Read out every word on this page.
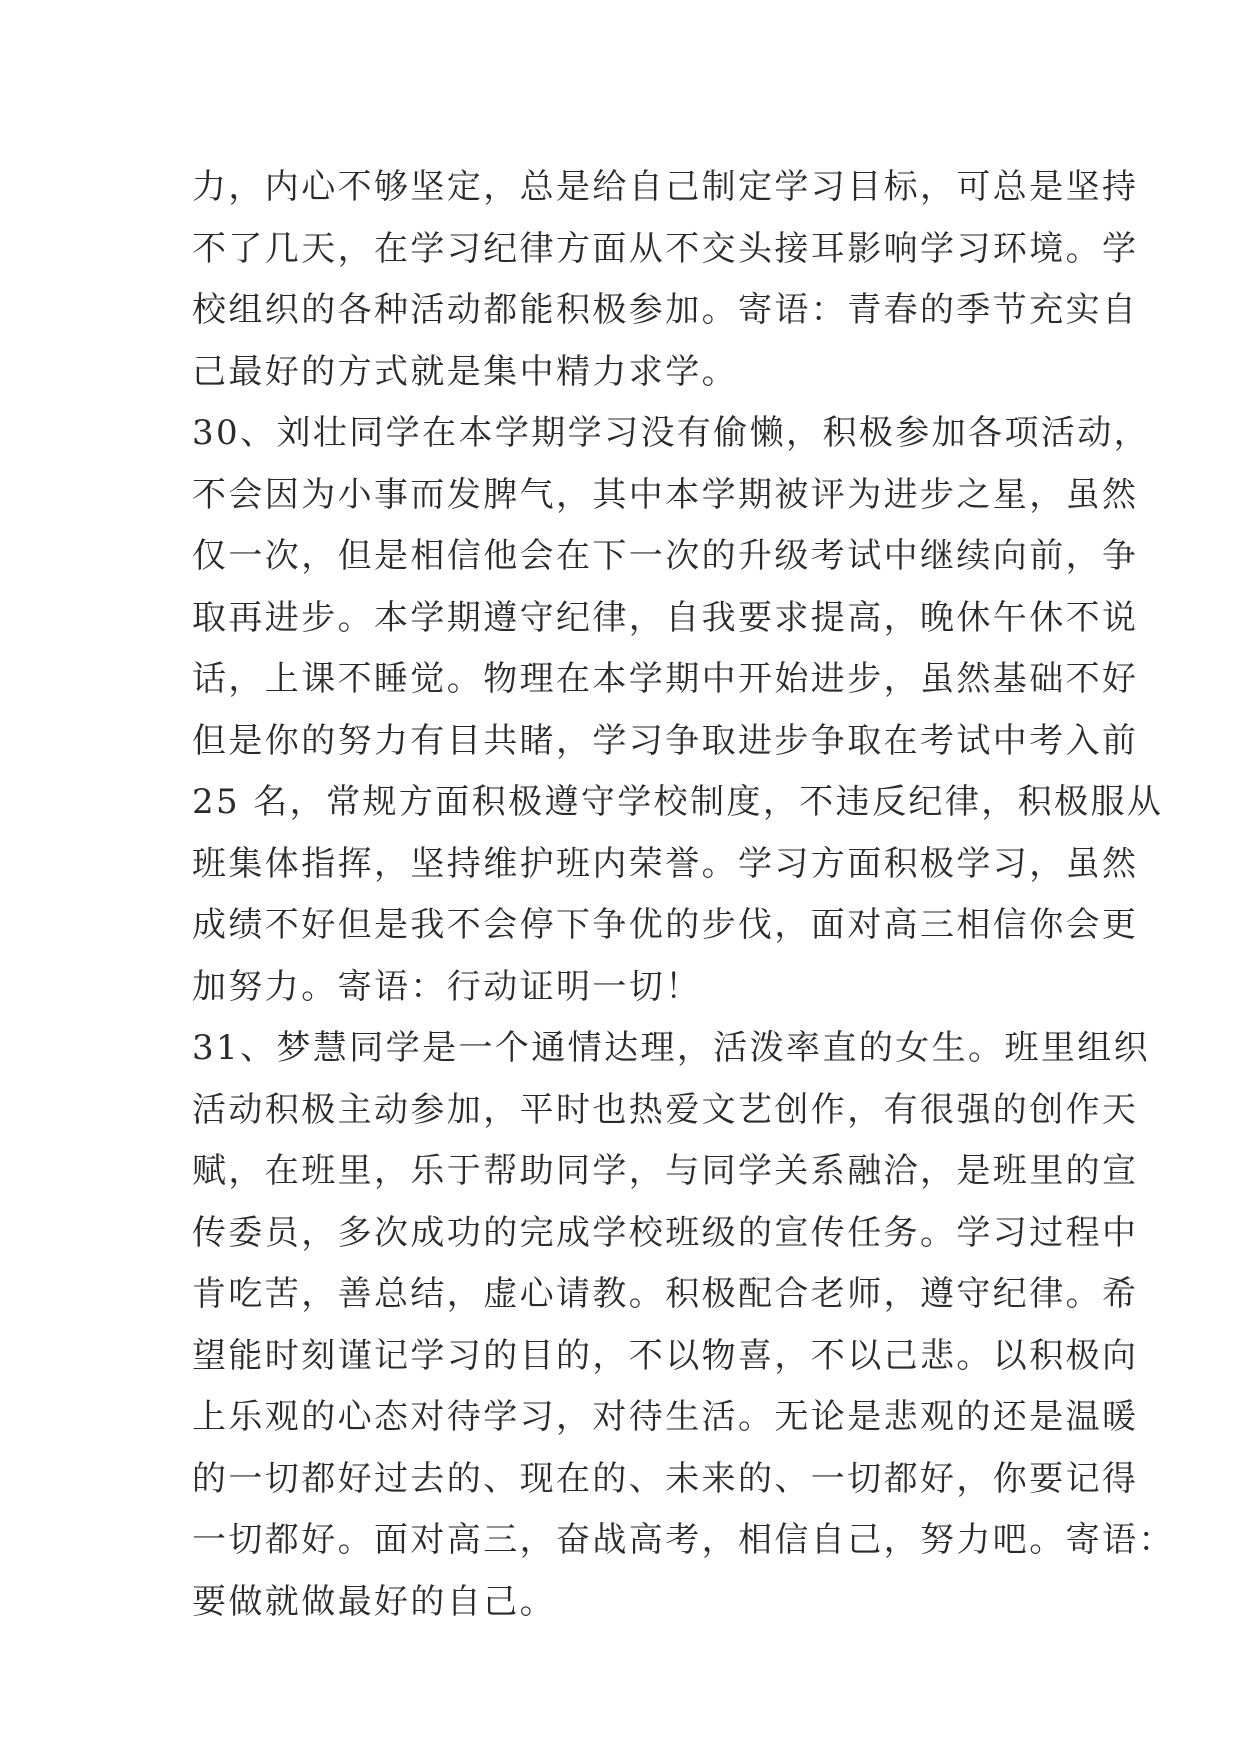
力，内心不够坚定，总是给自己制定学习目标，可总是坚持
不了几天，在学习纪律方面从不交头接耳影响学习环境。学
校组织的各种活动都能积极参加。寄语：青春的季节充实自
己最好的方式就是集中精力求学。
30、刘壮同学在本学期学习没有偷懒，积极参加各项活动，
不会因为小事而发脾气，其中本学期被评为进步之星，虽然
仅一次，但是相信他会在下一次的升级考试中继续向前，争
取再进步。本学期遵守纪律，自我要求提高，晚休午休不说
话，上课不睡觉。物理在本学期中开始进步，虽然基础不好
但是你的努力有目共睹，学习争取进步争取在考试中考入前
25 名，常规方面积极遵守学校制度，不违反纪律，积极服从
班集体指挥，坚持维护班内荣誉。学习方面积极学习，虽然
成绩不好但是我不会停下争优的步伐，面对高三相信你会更
加努力。寄语：行动证明一切！
31、梦慧同学是一个通情达理，活泼率直的女生。班里组织
活动积极主动参加，平时也热爱文艺创作，有很强的创作天
赋，在班里，乐于帮助同学，与同学关系融洽，是班里的宣
传委员，多次成功的完成学校班级的宣传任务。学习过程中
肯吃苦，善总结，虚心请教。积极配合老师，遵守纪律。希
望能时刻谨记学习的目的，不以物喜，不以己悲。以积极向
上乐观的心态对待学习，对待生活。无论是悲观的还是温暖
的一切都好过去的、现在的、未来的、一切都好，你要记得
一切都好。面对高三，奋战高考，相信自己，努力吧。寄语：
要做就做最好的自己。
